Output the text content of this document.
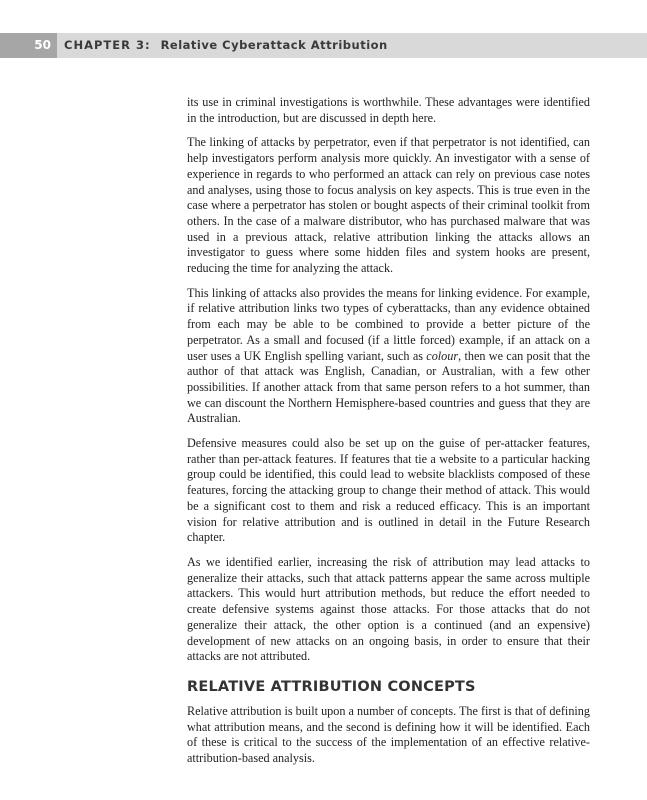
50	CHAPTER 3: Relative Cyberattack Attribution

its use in criminal investigations is worthwhile. These advantages were identified in the introduction, but are discussed in depth here.

The linking of attacks by perpetrator, even if that perpetrator is not identified, can help investigators perform analysis more quickly. An investigator with a sense of experience in regards to who performed an attack can rely on previous case notes and analyses, using those to focus analysis on key aspects. This is true even in the case where a perpetrator has stolen or bought aspects of their criminal toolkit from others. In the case of a malware distributor, who has purchased malware that was used in a previous attack, relative attribution linking the attacks allows an investigator to guess where some hidden files and system hooks are present, reducing the time for analyzing the attack.

This linking of attacks also provides the means for linking evidence. For example, if relative attribution links two types of cyberattacks, than any evidence obtained from each may be able to be combined to provide a better picture of the perpetrator. As a small and focused (if a little forced) example, if an attack on a user uses a UK English spelling variant, such as colour, then we can posit that the author of that attack was English, Canadian, or Australian, with a few other possibilities. If another attack from that same person refers to a hot summer, than we can discount the Northern Hemisphere-based countries and guess that they are Australian.

Defensive measures could also be set up on the guise of per-attacker features, rather than per-attack features. If features that tie a website to a particular hacking group could be identified, this could lead to website blacklists composed of these features, forcing the attacking group to change their method of attack. This would be a significant cost to them and risk a reduced efficacy. This is an important vision for relative attribution and is outlined in detail in the Future Research chapter.

As we identified earlier, increasing the risk of attribution may lead attacks to generalize their attacks, such that attack patterns appear the same across multiple attackers. This would hurt attribution methods, but reduce the effort needed to create defensive systems against those attacks. For those attacks that do not generalize their attack, the other option is a continued (and an expensive) development of new attacks on an ongoing basis, in order to ensure that their attacks are not attributed.

RELATIVE ATTRIBUTION CONCEPTS

Relative attribution is built upon a number of concepts. The first is that of defining what attribution means, and the second is defining how it will be identified. Each of these is critical to the success of the implementation of an effective relative-attribution-based analysis.
